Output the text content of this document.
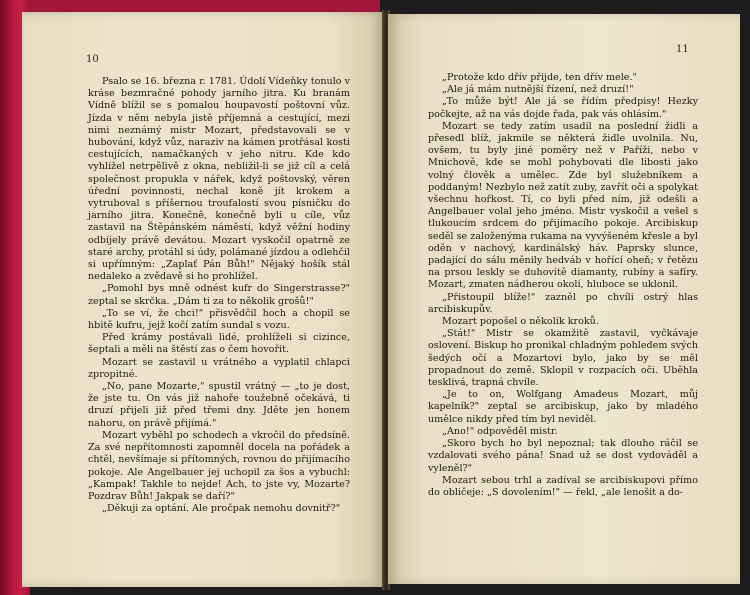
10

Psalo se 16. března r. 1781. Údolí Vídeňky tonulo v kráse bezmračné pohody jarního jitra. Ku branám Vídně blížil se s pomalou houpavostí poštovní vůz. Jízda v něm nebyla jistě příjemná a cestující, mezi nimi neznámý mistr Mozart, představovali se v hubování, když vůz, naraziv na kámen protřásal kosti cestujících, namačkaných v jeho nitru. Kde kdo vyhlížel netrpělivě z okna, nebližil-li se již cíl a celá společnost propukla v nářek, když poštovský, věren úřední povinnosti, nechal koně jít krokem a vytruboval s příšernou troufalostí svou písničku do jarního jitra. Konečně, konečně byli u cíle, vůz zastavil na Štěpánském náměstí, když věžní hodiny odbíjely právě devátou. Mozart vyskočil opatrně ze staré archy, protáhl si údy, polámané jízdou a odlehčil si upřímným: „Zaplať Pán Bůh!" Nějaký hošík stál nedaleko a zvědavě si ho prohlížel.

„Pomohl bys mně odnést kufr do Singerstrasse?" zeptal se skrčka. „Dám ti za to několik grošů!"

„To se ví, že chci!" přisvědčil hoch a chopil se hbitě kufru, jejž kočí zatím sundal s vozu.

Před krámy postávali lidé, prohlíželi si cizince, šeptali a měli na štěstí zas o čem hovořit.

Mozart se zastavil u vrátného a vyplatil chlapci zpropitné.

„No, pane Mozarte," spustil vrátný — „to je dost, že jste tu. On vás již nahoře toužebně očekává, ti druzí přijeli již před třemi dny. Jděte jen honem nahoru, on právě přijímá."

Mozart vyběhl po schodech a vkročil do předsíně. Za své nepřítomnosti zapomněl docela na pořádek a chtěl, nevšímaje si přítomných, rovnou do přijímacího pokoje. Ale Angelbauer jej uchopil za šos a vybuchl: „Kampak! Takhle to nejde! Ach, to jste vy, Mozarte? Pozdrav Bůh! Jakpak se daří?"

„Děkuji za optání. Ale pročpak nemohu dovnitř?"

11

„Protože kdo dřív přijde, ten dřív mele."

„Ale já mám nutnější řízení, než druzí!"

„To může být! Ale já se řídím předpisy! Hezky počkejte, až na vás dojde řada, pak vás ohlásím."

Mozart se tedy zatím usadil na poslední židli a přesedl blíž, jakmile se některá židle uvolnila. Nu, ovšem, tu byly jiné poměry než v Paříži, nebo v Mnichově, kde se mohl pohybovati dle libosti jako volný člověk a umělec. Zde byl služebníkem a poddaným! Nezbylo než zatít zuby, zavřít oči a spolykat všechnu hořkost. Tí, co byli před ním, již odešli a Angelbauer volal jeho jméno. Mistr vyskočil a vešel s tlukoucím srdcem do přijímacího pokoje. Arcibiskup seděl se založenýma rukama na vyvýšeném křesle a byl oděn v nachový, kardinálský háv. Paprsky slunce, padající do sálu měnily hedváb v hořící oheň; v řetězu na prsou leskly se duhovitě diamanty, rubíny a safíry. Mozart, zmaten nádherou okolí, hluboce se uklonil.

„Přistoupil blíže!" zazněl po chvíli ostrý hlas arcibiskupův.

Mozart popošel o několik kroků.

„Stát!" Mistr se okamžitě zastavil, vyčkávaje oslovení. Biskup ho pronikal chladným pohledem svých šedých očí a Mozartovi bylo, jako by se měl propadnout do země. Sklopil v rozpacích oči. Uběhla tesklivá, trapná chvíle.

„Je to on, Wolfgang Amadeus Mozart, můj kapelník?" zeptal se arcibiskup, jako by mladého umělce nikdy před tím byl neviděl.

„Ano!" odpověděl mistr.

„Skoro bych ho byl nepoznal; tak dlouho ráčil se vzdalovati svého pána! Snad už se dost vydováděl a vyleněl?"

Mozart sebou trhl a zadíval se arcibiskupovi přímo do obličeje: „S dovolením!" — řekl, „ale lenošit a do-
